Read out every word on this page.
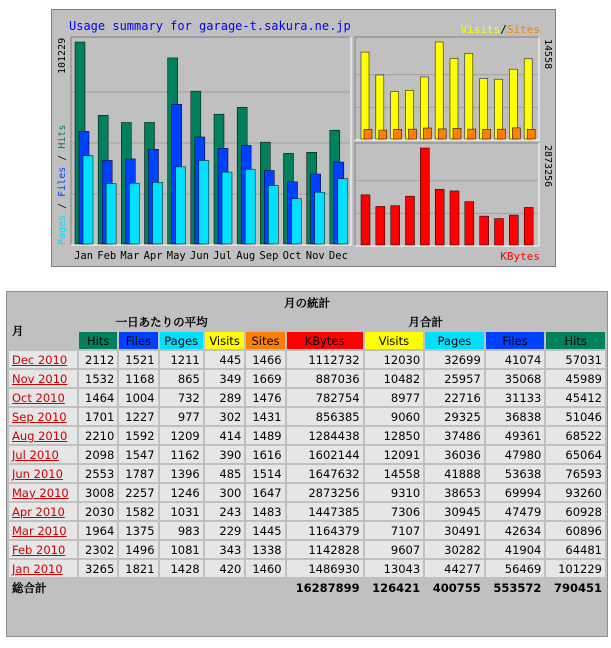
Usage summary for garage-t.sakura.ne.jp
Jan Feb Mar Apr May Jun Jul Aug Sep Oct Nov Dec
101229
Pages / Files / Hits
14558
2873256
Visits/Sites
KBytes
月の統計										
月	一日あたりの平均				月合計					
	Hits	Files	Pages	Visits	Sites	KBytes	Visits	Pages	Files	Hits
Dec 2010	2112	1521	1211	445	1466	1112732	12030	32699	41074	57031
Nov 2010	1532	1168	865	349	1669	887036	10482	25957	35068	45989
Oct 2010	1464	1004	732	289	1476	782754	8977	22716	31133	45412
Sep 2010	1701	1227	977	302	1431	856385	9060	29325	36838	51046
Aug 2010	2210	1592	1209	414	1489	1284438	12850	37486	49361	68522
Jul 2010	2098	1547	1162	390	1616	1602144	12091	36036	47980	65064
Jun 2010	2553	1787	1396	485	1514	1647632	14558	41888	53638	76593
May 2010	3008	2257	1246	300	1647	2873256	9310	38653	69994	93260
Apr 2010	2030	1582	1031	243	1483	1447385	7306	30945	47479	60928
Mar 2010	1964	1375	983	229	1445	1164379	7107	30491	42634	60896
Feb 2010	2302	1496	1081	343	1338	1142828	9607	30282	41904	64481
Jan 2010	3265	1821	1428	420	1460	1486930	13043	44277	56469	101229
総合計						16287899	126421	400755	553572	790451
